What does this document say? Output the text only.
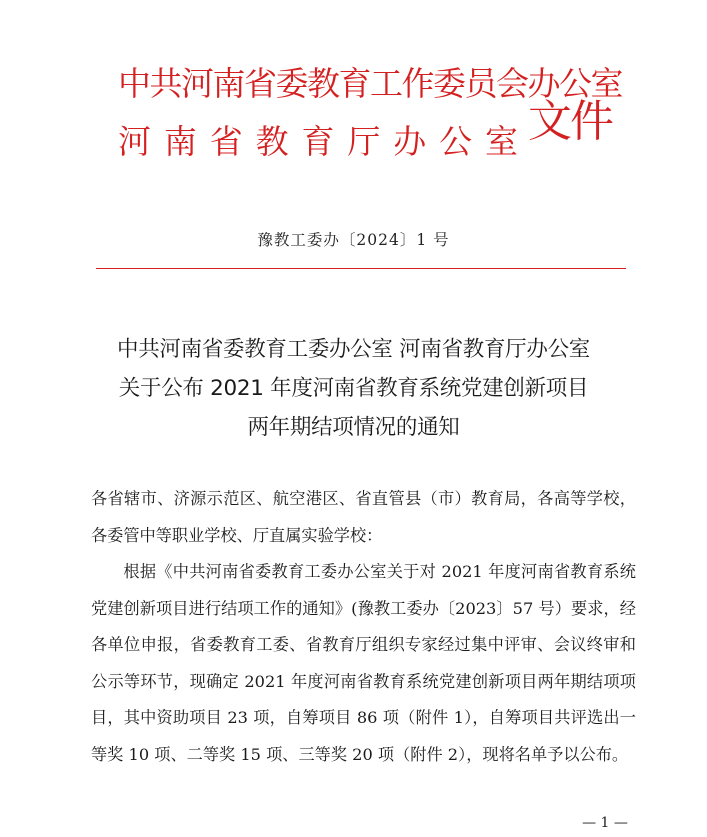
中共河南省委教育工作委员会办公室
河 南 省 教 育 厅 办 公 室 文件
豫教工委办〔2024〕1 号
中共河南省委教育工委办公室 河南省教育厅办公室
关于公布 2021 年度河南省教育系统党建创新项目
两年期结项情况的通知

各省辖市、济源示范区、航空港区、省直管县（市）教育局，各高等学校，各委管中等职业学校、厅直属实验学校：

根据《中共河南省委教育工委办公室关于对 2021 年度河南省教育系统党建创新项目进行结项工作的通知》(豫教工委办〔2023〕57 号）要求，经各单位申报，省委教育工委、省教育厅组织专家经过集中评审、会议终审和公示等环节，现确定 2021 年度河南省教育系统党建创新项目两年期结项项目，其中资助项目 23 项，自筹项目 86 项（附件 1），自筹项目共评选出一等奖 10 项、二等奖 15 项、三等奖 20 项（附件 2），现将名单予以公布。

— 1 —
